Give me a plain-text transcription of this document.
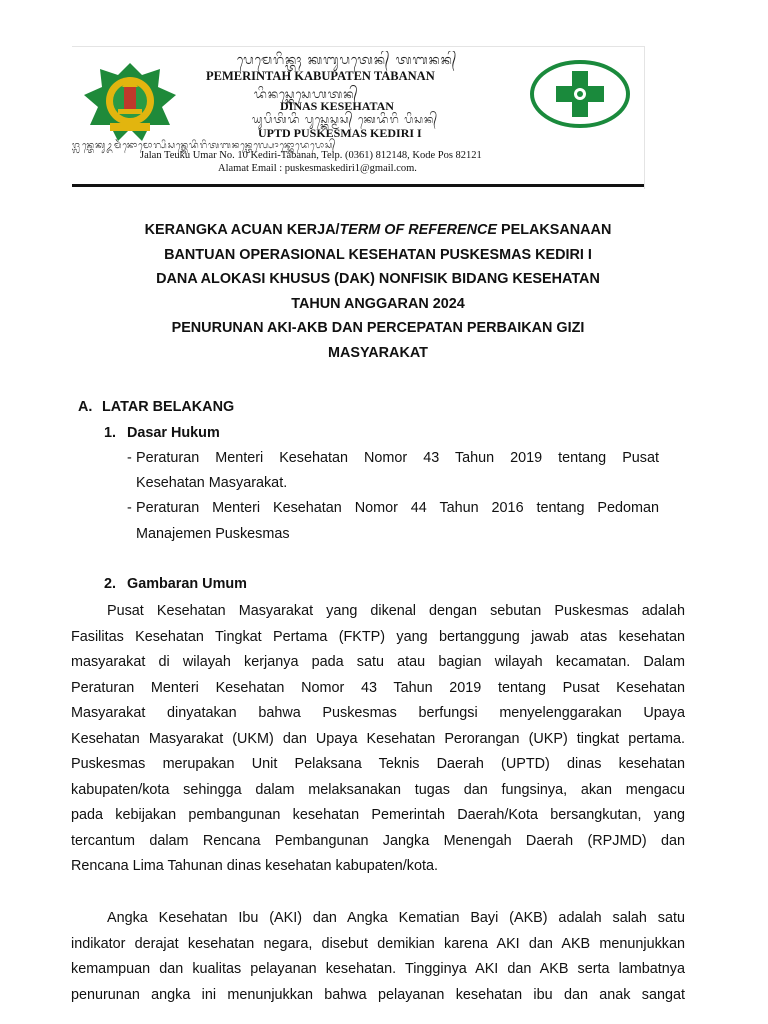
ᬧᬾᬫᬾᬭᬶᬦ᭄ᬢᬄ ᬓᬩᬸᬧᬢᬾᬦ᭄ ᬢᬩᬦᬦ᭄
PEMERINTAH KABUPATEN TABANAN
ᬤᬶᬦᬲ᭄ᬓᬾᬲᬾᬳᬢᬦ᭄
DINAS KESEHATAN
ᬬᬸᬧᬶᬢᬶᬤᬶ ᬧᬸᬲ᭄ᬓᬾᬲ᭄ᬫᬲ᭄ ᬓᬾᬤᬶᬭᬶ ᬧᬶᬲᬦ᭄
UPTD PUSKESMAS KEDIRI I
ᬚ᭄ᬮᬦ᭄ᬢᬾᬓᬸᬉᬫᬃᬦᭀᬫᭀᬭ᭄ᬧᬶᬲᬦ᭄ᬓᬾᬤᬶᬭᬶᬢᬩᬦᬦ᭄ᬢᬾᬮ᭄ᬧᭀᬦ᭄ᬓᭀᬤᬾᬧᭀᬲ᭄
Jalan Teuku Umar No. 10 Kediri-Tabanan, Telp. (0361) 812148, Kode Pos 82121
Alamat Email : puskesmaskediri1@gmail.com.
KERANGKA ACUAN KERJA/TERM OF REFERENCE PELAKSANAAN
BANTUAN OPERASIONAL KESEHATAN PUSKESMAS KEDIRI I
DANA ALOKASI KHUSUS (DAK) NONFISIK BIDANG KESEHATAN
TAHUN ANGGARAN 2024
PENURUNAN AKI-AKB DAN PERCEPATAN PERBAIKAN GIZI
MASYARAKAT
A. LATAR BELAKANG
1. Dasar Hukum
- Peraturan Menteri Kesehatan Nomor 43 Tahun 2019 tentang Pusat
Kesehatan Masyarakat.
- Peraturan Menteri Kesehatan Nomor 44 Tahun 2016 tentang Pedoman
Manajemen Puskesmas
2. Gambaran Umum
Pusat Kesehatan Masyarakat yang dikenal dengan sebutan Puskesmas adalah
Fasilitas Kesehatan Tingkat Pertama (FKTP) yang bertanggung jawab atas kesehatan
masyarakat di wilayah kerjanya pada satu atau bagian wilayah kecamatan. Dalam
Peraturan Menteri Kesehatan Nomor 43 Tahun 2019 tentang Pusat Kesehatan
Masyarakat dinyatakan bahwa Puskesmas berfungsi menyelenggarakan Upaya
Kesehatan Masyarakat (UKM) dan Upaya Kesehatan Perorangan (UKP) tingkat pertama.
Puskesmas merupakan Unit Pelaksana Teknis Daerah (UPTD) dinas kesehatan
kabupaten/kota sehingga dalam melaksanakan tugas dan fungsinya, akan mengacu
pada kebijakan pembangunan kesehatan Pemerintah Daerah/Kota bersangkutan, yang
tercantum dalam Rencana Pembangunan Jangka Menengah Daerah (RPJMD) dan
Rencana Lima Tahunan dinas kesehatan kabupaten/kota.
Angka Kesehatan Ibu (AKI) dan Angka Kematian Bayi (AKB) adalah salah satu
indikator derajat kesehatan negara, disebut demikian karena AKI dan AKB menunjukkan
kemampuan dan kualitas pelayanan kesehatan. Tingginya AKI dan AKB serta lambatnya
penurunan angka ini menunjukkan bahwa pelayanan kesehatan ibu dan anak sangat
